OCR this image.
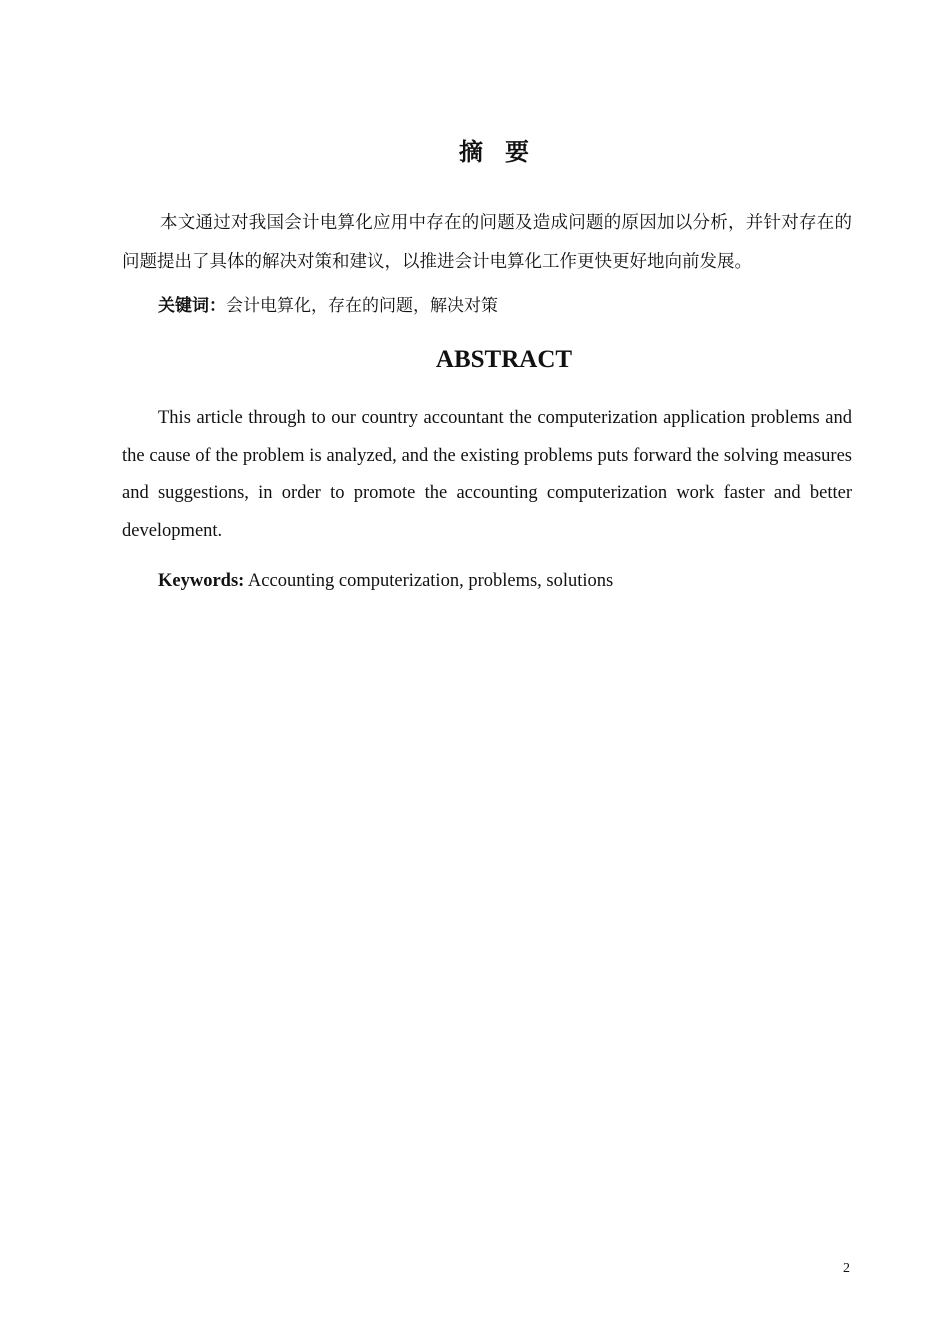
摘要

本文通过对我国会计电算化应用中存在的问题及造成问题的原因加以分析，并针对存在的问题提出了具体的解决对策和建议，以推进会计电算化工作更快更好地向前发展。

关键词：会计电算化，存在的问题，解决对策
ABSTRACT

This article through to our country accountant the computerization application problems and the cause of the problem is analyzed, and the existing problems puts forward the solving measures and suggestions, in order to promote the accounting computerization work faster and better development.

Keywords: Accounting computerization, problems, solutions
2
